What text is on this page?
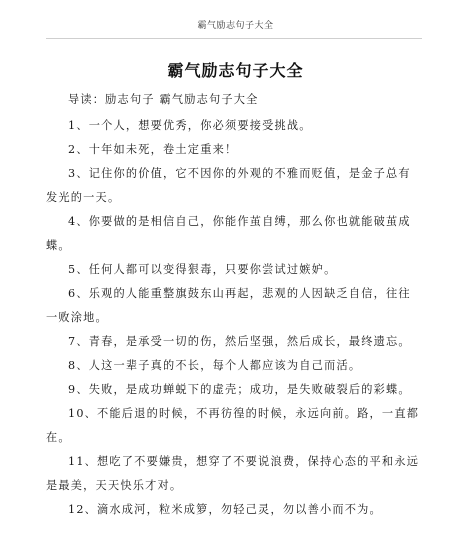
霸气励志句子大全
霸气励志句子大全

导读：励志句子 霸气励志句子大全

1、一个人，想要优秀，你必须要接受挑战。

2、十年如未死，卷土定重来！

3、记住你的价值，它不因你的外观的不雅而贬值，是金子总有发光的一天。

4、你要做的是相信自己，你能作茧自缚，那么你也就能破茧成蝶。

5、任何人都可以变得狠毒，只要你尝试过嫉妒。

6、乐观的人能重整旗鼓东山再起，悲观的人因缺乏自信，往往一败涂地。

7、青春，是承受一切的伤，然后坚强，然后成长，最终遗忘。

8、人这一辈子真的不长，每个人都应该为自己而活。

9、失败，是成功蝉蜕下的虚壳；成功，是失败破裂后的彩蝶。

10、不能后退的时候，不再彷徨的时候，永远向前。路，一直都在。

11、想吃了不要嫌贵，想穿了不要说浪费，保持心态的平和永远是最美，天天快乐才对。

12、滴水成河，粒米成箩，勿轻己灵，勿以善小而不为。
